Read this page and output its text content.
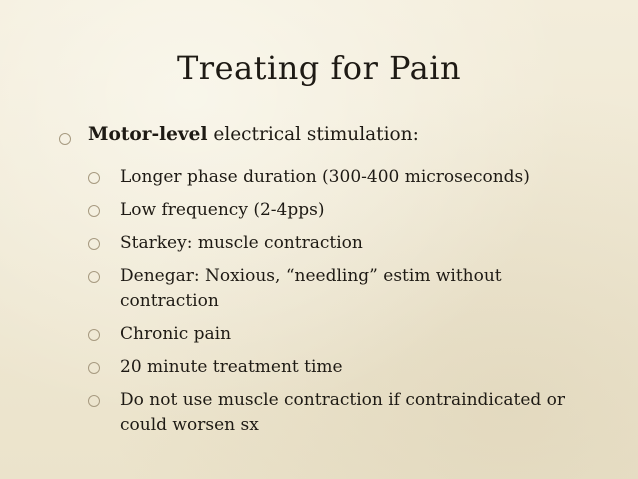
Treating for Pain
Motor-level electrical stimulation:
Longer phase duration (300-400 microseconds)
Low frequency (2-4pps)
Starkey: muscle contraction
Denegar: Noxious, “needling” estim without contraction
Chronic pain
20 minute treatment time
Do not use muscle contraction if contraindicated or could worsen sx
